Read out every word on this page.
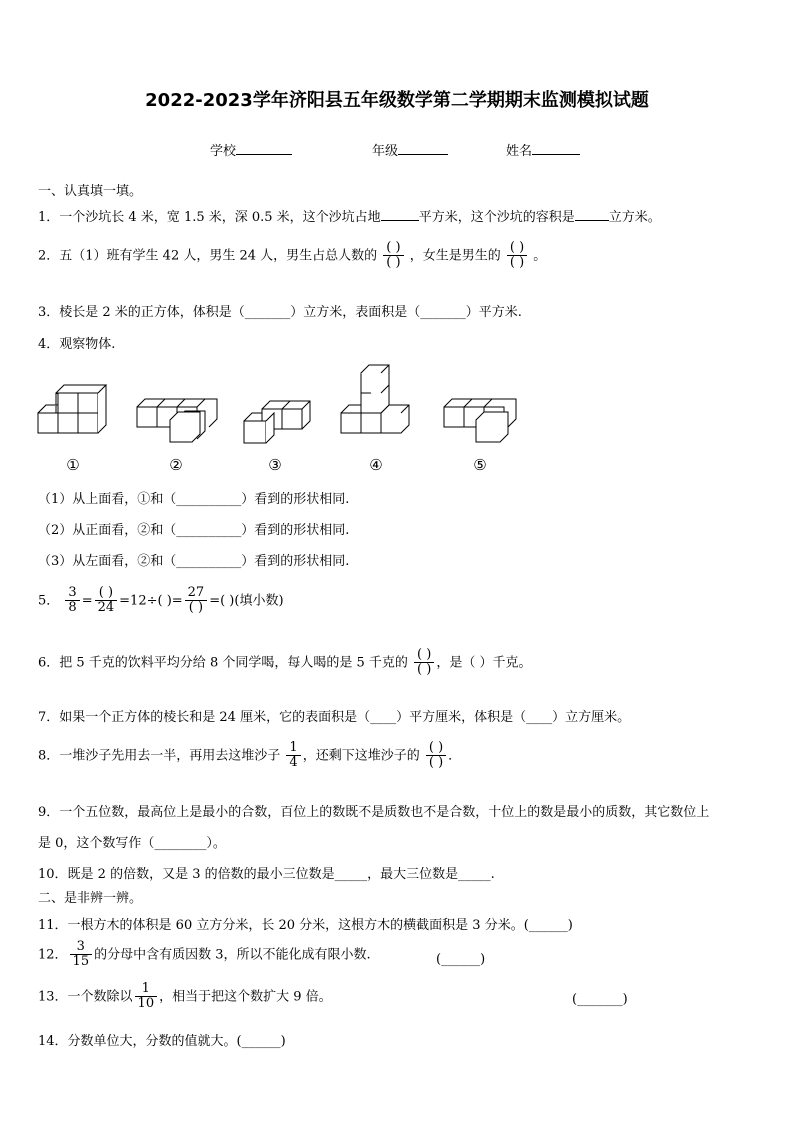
2022-2023学年济阳县五年级数学第二学期期末监测模拟试题
学校	年级	姓名
一、认真填一填。
1．一个沙坑长 4 米，宽 1.5 米，深 0.5 米，这个沙坑占地	平方米，这个沙坑的容积是	立方米。
2．五（1）班有学生 42 人，男生 24 人，男生占总人数的 $\frac{( )}{( )}$ ，女生是男生的 $\frac{( )}{( )}$ 。
3．棱长是 2 米的正方体，体积是（_______）立方米，表面积是（_______）平方米.
4．观察物体.
①	②	③	④	⑤
（1）从上面看，①和（__________）看到的形状相同.
（2）从正面看，②和（__________）看到的形状相同.
（3）从左面看，②和（__________）看到的形状相同.
5． $\frac{3}{8} = \frac{( )}{24} =12\div$( )= $\frac{27}{( )}$ =( )(填小数)
6．把 5 千克的饮料平均分给 8 个同学喝，每人喝的是 5 千克的 $\frac{( )}{( )}$ ，是（ ）千克。
7．如果一个正方体的棱长和是 24 厘米，它的表面积是（____）平方厘米，体积是（____）立方厘米。
8．一堆沙子先用去一半，再用去这堆沙子 $\frac{1}{4}$ ，还剩下这堆沙子的 $\frac{( )}{( )}$ ．
9．一个五位数，最高位上是最小的合数，百位上的数既不是质数也不是合数，十位上的数是最小的质数，其它数位上
是 0，这个数写作（________）。
10．既是 2 的倍数，又是 3 的倍数的最小三位数是_____，最大三位数是_____.
二、是非辨一辨。
11．一根方木的体积是 60 立方分米，长 20 分米，这根方木的横截面积是 3 分米。(______)
12． $\frac{3}{15}$ 的分母中含有质因数 3，所以不能化成有限小数.	(______)
13．一个数除以 $\frac{1}{10}$ ，相当于把这个数扩大 9 倍。	(_______)
14．分数单位大，分数的值就大。(______)
